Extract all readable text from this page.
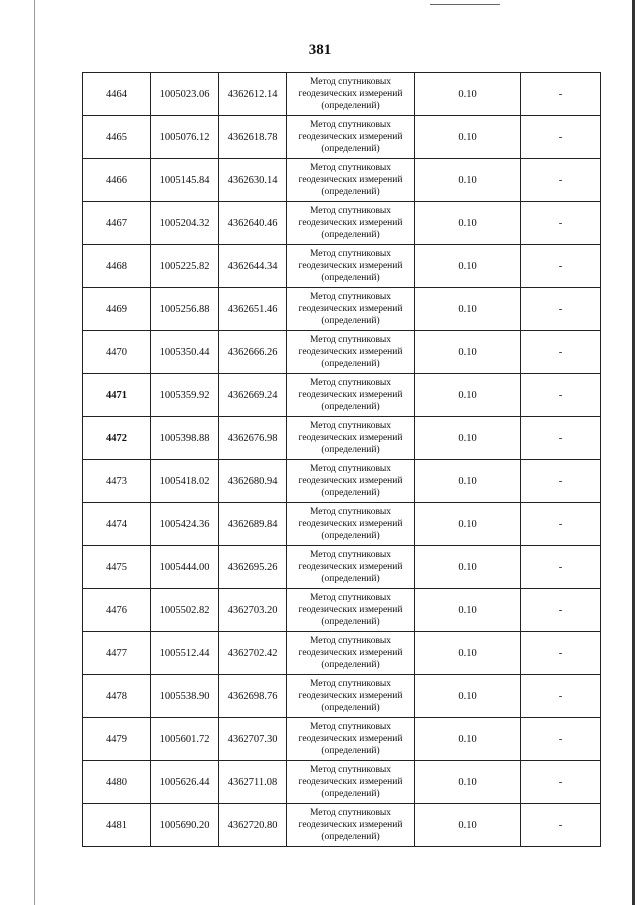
381
4464	1005023.06	4362612.14	Метод спутниковых геодезических измерений (определений)	0.10	-
4465	1005076.12	4362618.78	Метод спутниковых геодезических измерений (определений)	0.10	-
4466	1005145.84	4362630.14	Метод спутниковых геодезических измерений (определений)	0.10	-
4467	1005204.32	4362640.46	Метод спутниковых геодезических измерений (определений)	0.10	-
4468	1005225.82	4362644.34	Метод спутниковых геодезических измерений (определений)	0.10	-
4469	1005256.88	4362651.46	Метод спутниковых геодезических измерений (определений)	0.10	-
4470	1005350.44	4362666.26	Метод спутниковых геодезических измерений (определений)	0.10	-
4471	1005359.92	4362669.24	Метод спутниковых геодезических измерений (определений)	0.10	-
4472	1005398.88	4362676.98	Метод спутниковых геодезических измерений (определений)	0.10	-
4473	1005418.02	4362680.94	Метод спутниковых геодезических измерений (определений)	0.10	-
4474	1005424.36	4362689.84	Метод спутниковых геодезических измерений (определений)	0.10	-
4475	1005444.00	4362695.26	Метод спутниковых геодезических измерений (определений)	0.10	-
4476	1005502.82	4362703.20	Метод спутниковых геодезических измерений (определений)	0.10	-
4477	1005512.44	4362702.42	Метод спутниковых геодезических измерений (определений)	0.10	-
4478	1005538.90	4362698.76	Метод спутниковых геодезических измерений (определений)	0.10	-
4479	1005601.72	4362707.30	Метод спутниковых геодезических измерений (определений)	0.10	-
4480	1005626.44	4362711.08	Метод спутниковых геодезических измерений (определений)	0.10	-
4481	1005690.20	4362720.80	Метод спутниковых геодезических измерений (определений)	0.10	-
